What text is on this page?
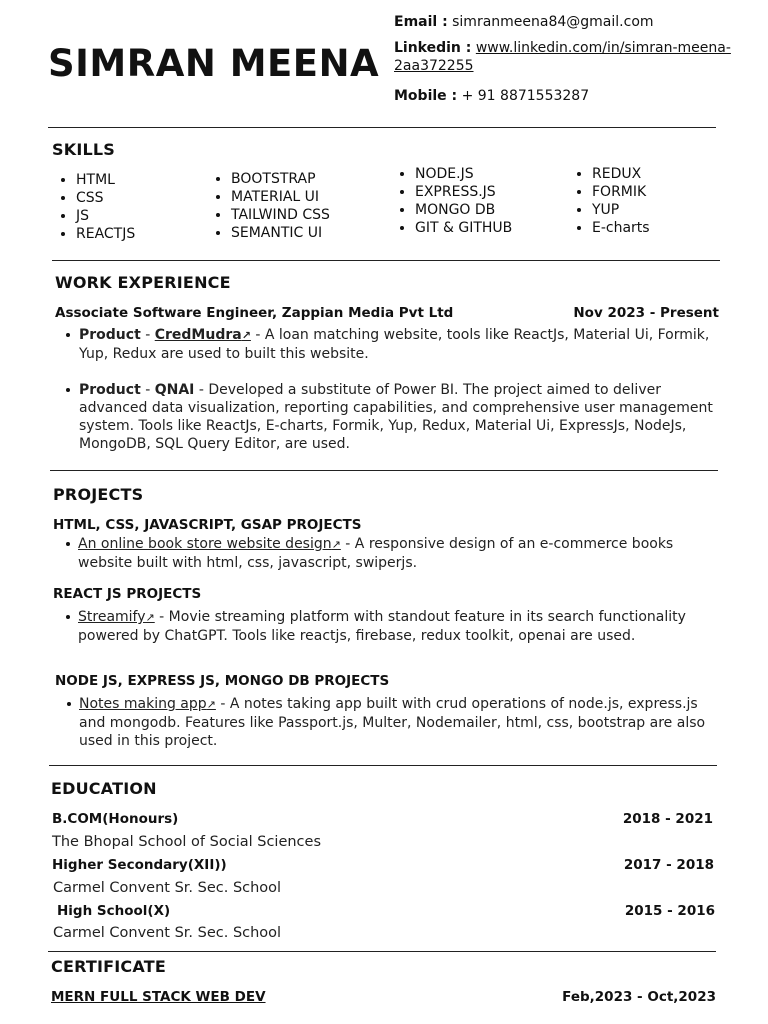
SIMRAN MEENA
Email : simranmeena84@gmail.com
Linkedin : www.linkedin.com/in/simran-meena-
2aa372255
Mobile : + 91 8871553287
SKILLS
• HTML
• CSS
• JS
• REACTJS
• BOOTSTRAP
• MATERIAL UI
• TAILWIND CSS
• SEMANTIC UI
• NODE.JS
• EXPRESS.JS
• MONGO DB
• GIT & GITHUB
• REDUX
• FORMIK
• YUP
• E-charts
WORK EXPERIENCE
Associate Software Engineer, Zappian Media Pvt Ltd	Nov 2023 - Present
Product - CredMudra↗ - A loan matching website, tools like ReactJs, Material Ui, Formik,
Yup, Redux are used to built this website.
Product - QNAI - Developed a substitute of Power BI. The project aimed to deliver
advanced data visualization, reporting capabilities, and comprehensive user management
system. Tools like ReactJs, E-charts, Formik, Yup, Redux, Material Ui, ExpressJs, NodeJs,
MongoDB, SQL Query Editor, are used.
PROJECTS
HTML, CSS, JAVASCRIPT, GSAP PROJECTS
An online book store website design↗ - A responsive design of an e-commerce books
website built with html, css, javascript, swiperjs.
REACT JS PROJECTS
Streamify↗ - Movie streaming platform with standout feature in its search functionality
powered by ChatGPT. Tools like reactjs, firebase, redux toolkit, openai are used.
NODE JS, EXPRESS JS, MONGO DB PROJECTS
Notes making app↗ - A notes taking app built with crud operations of node.js, express.js
and mongodb. Features like Passport.js, Multer, Nodemailer, html, css, bootstrap are also
used in this project.
EDUCATION
B.COM(Honours)	2018 - 2021
The Bhopal School of Social Sciences
Higher Secondary(XII))	2017 - 2018
Carmel Convent Sr. Sec. School
High School(X)	2015 - 2016
Carmel Convent Sr. Sec. School
CERTIFICATE
MERN FULL STACK WEB DEV	Feb,2023 - Oct,2023
